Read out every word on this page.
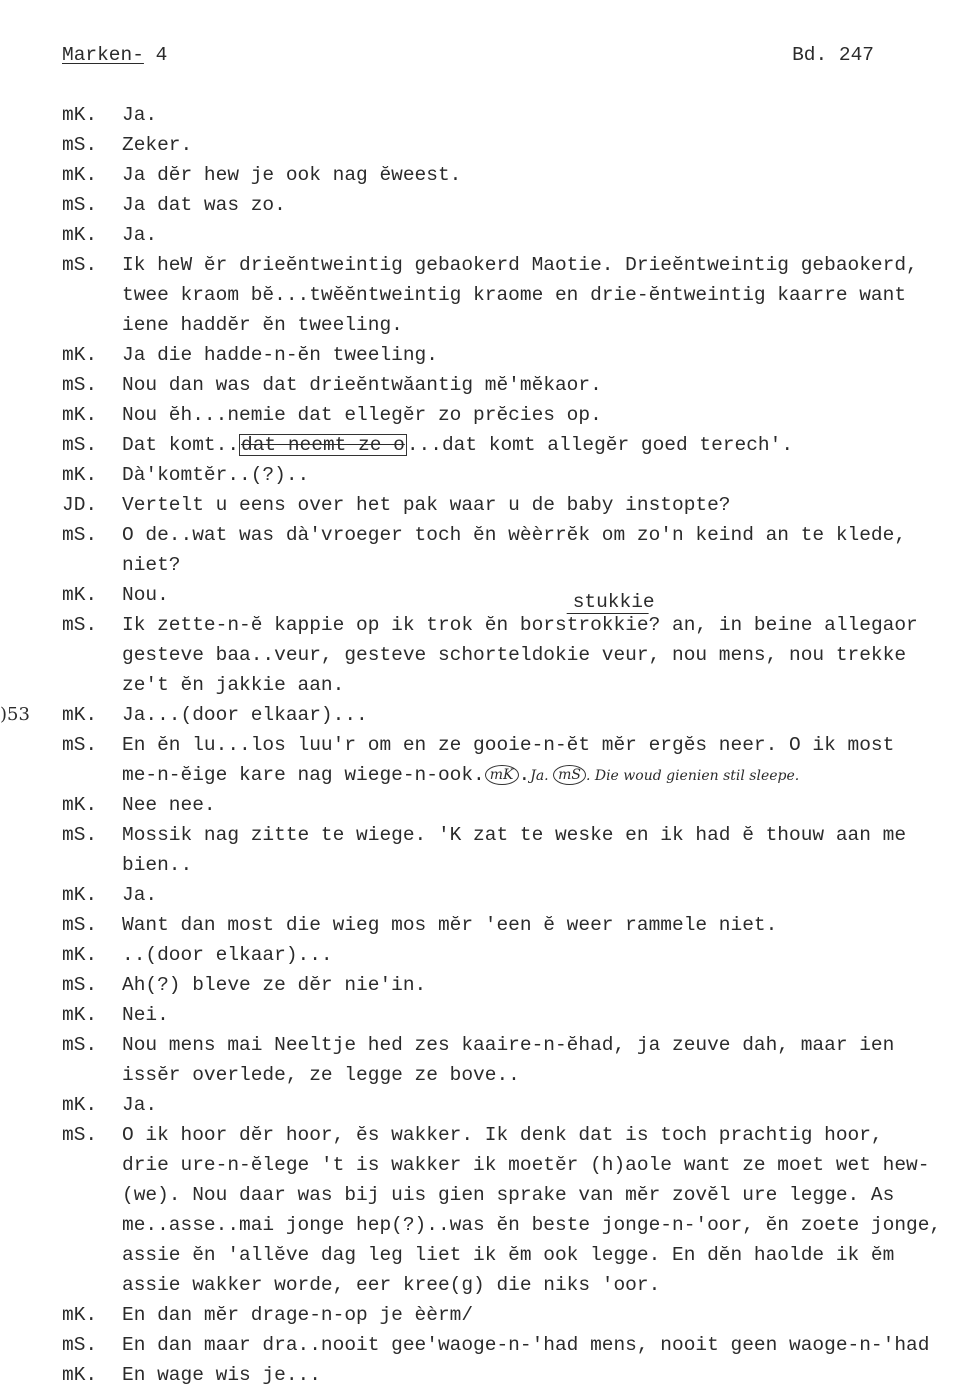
Marken- 4	Bd. 247
mK. Ja.
mS. Zeker.
mK. Ja dĕr hew je ook nag ĕweest.
mS. Ja dat was zo.
mK. Ja.
mS. Ik heW ĕr drieĕntweintig gebaokerd Maotie. Drieĕntweintig gebaokerd,
twee kraom bĕ...twĕĕntweintig kraome en drie-ĕntweintig kaarre want
iene haddĕr ĕn tweeling.
mK. Ja die hadde-n-ĕn tweeling.
mS. Nou dan was dat drieĕntwăantig mĕ'mĕkaor.
mK. Nou ĕh...nemie dat ellegĕr zo prĕcies op.
mS. Dat komt.. dat neemt ze o ...dat komt allegĕr goed terech'.
mK. Dà'komtĕr..(?)..
JD. Vertelt u eens over het pak waar u de baby instopte?
mS. O de..wat was dà'vroeger toch ĕn wèèrrĕk om zo'n keind an te klede,
niet?
mK. Nou.
mS. Ik zette-n-ĕ kappie op ik trok ĕn borstrokkie
stukkie
? an, in beine allegaor
gesteve baa..veur, gesteve schorteldokie veur, nou mens, nou trekke
ze't ĕn jakkie aan.
)53 mK. Ja...(door elkaar)...
mS. En ĕn lu...los luu'r om en ze gooie-n-ĕt mĕr ergĕs neer. O ik most
me-n-ĕige kare nag wiege-n-ook. mK .Ja. mS . Die woud gienien stil sleepe.
mK. Nee nee.
mS. Mossik nag zitte te wiege. 'K zat te weske en ik had ĕ thouw aan me
bien..
mK. Ja.
mS. Want dan most die wieg mos mĕr 'een ĕ weer rammele niet.
mK. ..(door elkaar)...
mS. Ah(?) bleve ze dĕr nie'in.
mK. Nei.
mS. Nou mens mai Neeltje hed zes kaaire-n-ĕhad, ja zeuve dah, maar ien
issĕr overlede, ze legge ze bove..
mK. Ja.
mS. O ik hoor dĕr hoor, ĕs wakker. Ik denk dat is toch prachtig hoor,
drie ure-n-ĕlege 't is wakker ik moetĕr (h)aole want ze moet wet hew-
(we). Nou daar was bij uis gien sprake van mĕr zovĕl ure legge. As
me..asse..mai jonge hep(?)..was ĕn beste jonge-n-'oor, ĕn zoete jonge,
assie ĕn 'allĕve dag leg liet ik ĕm ook legge. En dĕn haolde ik ĕm
assie wakker worde, eer kree(g) die niks 'oor.
mK. En dan mĕr drage-n-op je èèrm/
mS. En dan maar dra..nooit gee'waoge-n-'had mens, nooit geen waoge-n-'had
mK. En wage wis je...
